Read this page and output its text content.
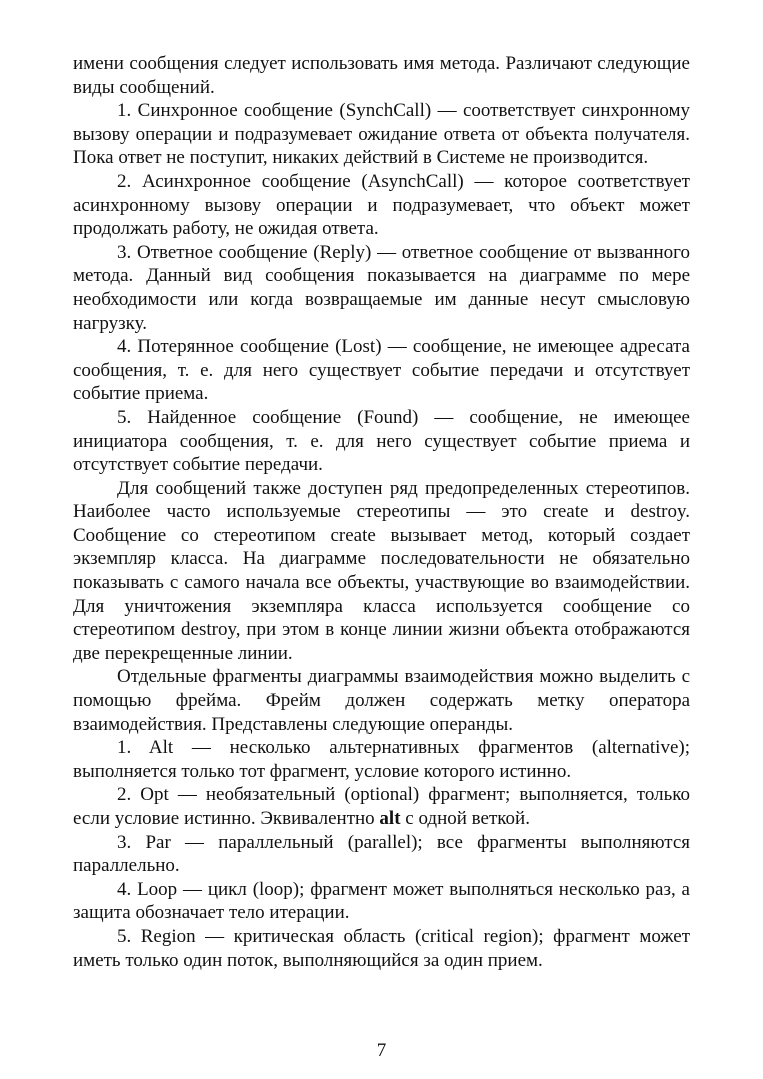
имени сообщения следует использовать имя метода. Различают следующие виды сообщений.

1. Синхронное сообщение (SynchCall) — соответствует синхронному вызову операции и подразумевает ожидание ответа от объекта получателя. Пока ответ не поступит, никаких действий в Системе не производится.

2. Асинхронное сообщение (AsynchCall) — которое соответствует асинхронному вызову операции и подразумевает, что объект может продолжать работу, не ожидая ответа.

3. Ответное сообщение (Reply) — ответное сообщение от вызванного метода. Данный вид сообщения показывается на диаграмме по мере необходимости или когда возвращаемые им данные несут смысловую нагрузку.

4. Потерянное сообщение (Lost) — сообщение, не имеющее адресата сообщения, т. е. для него существует событие передачи и отсутствует событие приема.

5. Найденное сообщение (Found) — сообщение, не имеющее инициатора сообщения, т. е. для него существует событие приема и отсутствует событие передачи.

Для сообщений также доступен ряд предопределенных стереотипов. Наиболее часто используемые стереотипы — это create и destroy. Сообщение со стереотипом create вызывает метод, который создает экземпляр класса. На диаграмме последовательности не обязательно показывать с самого начала все объекты, участвующие во взаимодействии. Для уничтожения экземпляра класса используется сообщение со стереотипом destroy, при этом в конце линии жизни объекта отображаются две перекрещенные линии.

Отдельные фрагменты диаграммы взаимодействия можно выделить с помощью фрейма. Фрейм должен содержать метку оператора взаимодействия. Представлены следующие операнды.

1. Alt — несколько альтернативных фрагментов (alternative); выполняется только тот фрагмент, условие которого истинно.

2. Opt — необязательный (optional) фрагмент; выполняется, только если условие истинно. Эквивалентно alt с одной веткой.

3. Par — параллельный (parallel); все фрагменты выполняются параллельно.

4. Loop — цикл (loop); фрагмент может выполняться несколько раз, а защита обозначает тело итерации.

5. Region — критическая область (critical region); фрагмент может иметь только один поток, выполняющийся за один прием.

7
